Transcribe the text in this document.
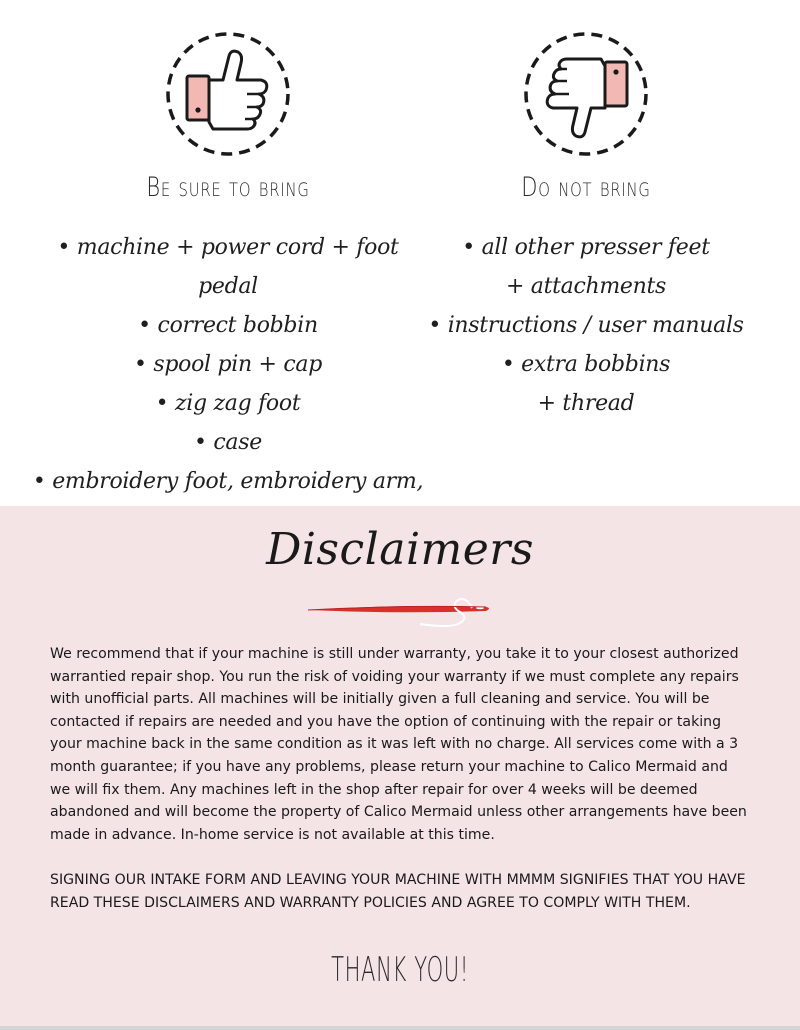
Be sure to bring
• machine + power cord + foot pedal
• correct bobbin
• spool pin + cap
• zig zag foot
• case
• embroidery foot, embroidery arm,
Do not bring
• all other presser feet
+ attachments
• instructions / user manuals
• extra bobbins
+ thread
Disclaimers

We recommend that if your machine is still under warranty, you take it to your closest authorized warrantied repair shop. You run the risk of voiding your warranty if we must complete any repairs with unofficial parts. All machines will be initially given a full cleaning and service. You will be contacted if repairs are needed and you have the option of continuing with the repair or taking your machine back in the same condition as it was left with no charge. All services come with a 3 month guarantee; if you have any problems, please return your machine to Calico Mermaid and we will fix them. Any machines left in the shop after repair for over 4 weeks will be deemed abandoned and will become the property of Calico Mermaid unless other arrangements have been made in advance. In-home service is not available at this time.

SIGNING OUR INTAKE FORM AND LEAVING YOUR MACHINE WITH MMMM SIGNIFIES THAT YOU HAVE READ THESE DISCLAIMERS AND WARRANTY POLICIES AND AGREE TO COMPLY WITH THEM.

THANK YOU!
